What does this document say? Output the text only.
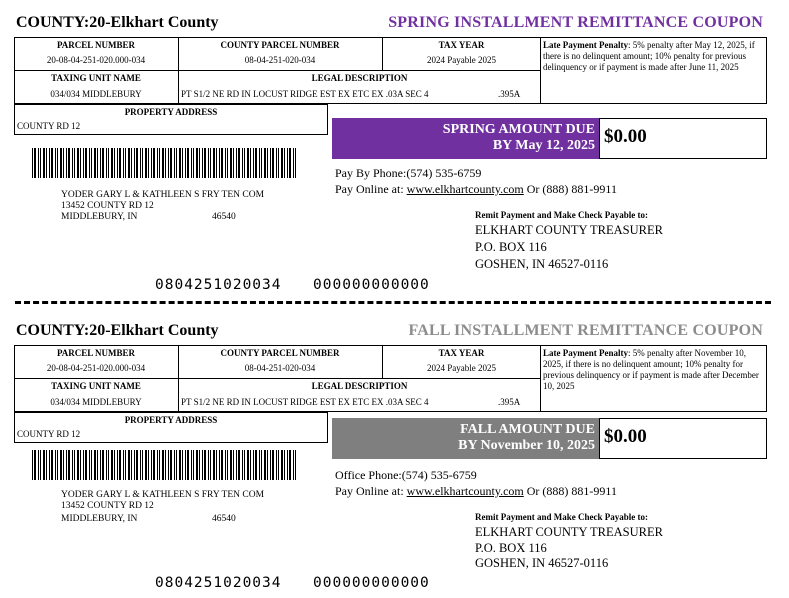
COUNTY:20-Elkhart County	SPRING INSTALLMENT REMITTANCE COUPON
PARCEL NUMBER
20-08-04-251-020.000-034
COUNTY PARCEL NUMBER
08-04-251-020-034
TAX YEAR
2024 Payable 2025
TAXING UNIT NAME
034/034 MIDDLEBURY
LEGAL DESCRIPTION
PT S1/2 NE RD IN LOCUST RIDGE EST EX ETC EX .03A SEC 4	.395A
Late Payment Penalty: 5% penalty after May 12, 2025, if there is no delinquent amount; 10% penalty for previous delinquency or if payment is made after June 11, 2025
PROPERTY ADDRESS
COUNTY RD 12	SPRING AMOUNT DUE
BY May 12, 2025 $0.00
Pay By Phone:(574) 535-6759
Pay Online at: www.elkhartcounty.com Or (888) 881-9911
YODER GARY L & KATHLEEN S FRY TEN COM
13452 COUNTY RD 12
MIDDLEBURY, IN	46540	Remit Payment and Make Check Payable to:
ELKHART COUNTY TREASURER
P.O. BOX 116
GOSHEN, IN 46527-0116
0804251020034 000000000000
COUNTY:20-Elkhart County	FALL INSTALLMENT REMITTANCE COUPON
PARCEL NUMBER
20-08-04-251-020.000-034
COUNTY PARCEL NUMBER
08-04-251-020-034
TAX YEAR
2024 Payable 2025
TAXING UNIT NAME
034/034 MIDDLEBURY
LEGAL DESCRIPTION
PT S1/2 NE RD IN LOCUST RIDGE EST EX ETC EX .03A SEC 4	.395A
Late Payment Penalty: 5% penalty after November 10, 2025, if there is no delinquent amount; 10% penalty for previous delinquency or if payment is made after December 10, 2025
PROPERTY ADDRESS
COUNTY RD 12	FALL AMOUNT DUE
BY November 10, 2025 $0.00
Office Phone:(574) 535-6759
Pay Online at: www.elkhartcounty.com Or (888) 881-9911
YODER GARY L & KATHLEEN S FRY TEN COM
13452 COUNTY RD 12
MIDDLEBURY, IN	46540	Remit Payment and Make Check Payable to:
ELKHART COUNTY TREASURER
P.O. BOX 116
GOSHEN, IN 46527-0116
0804251020034 000000000000
